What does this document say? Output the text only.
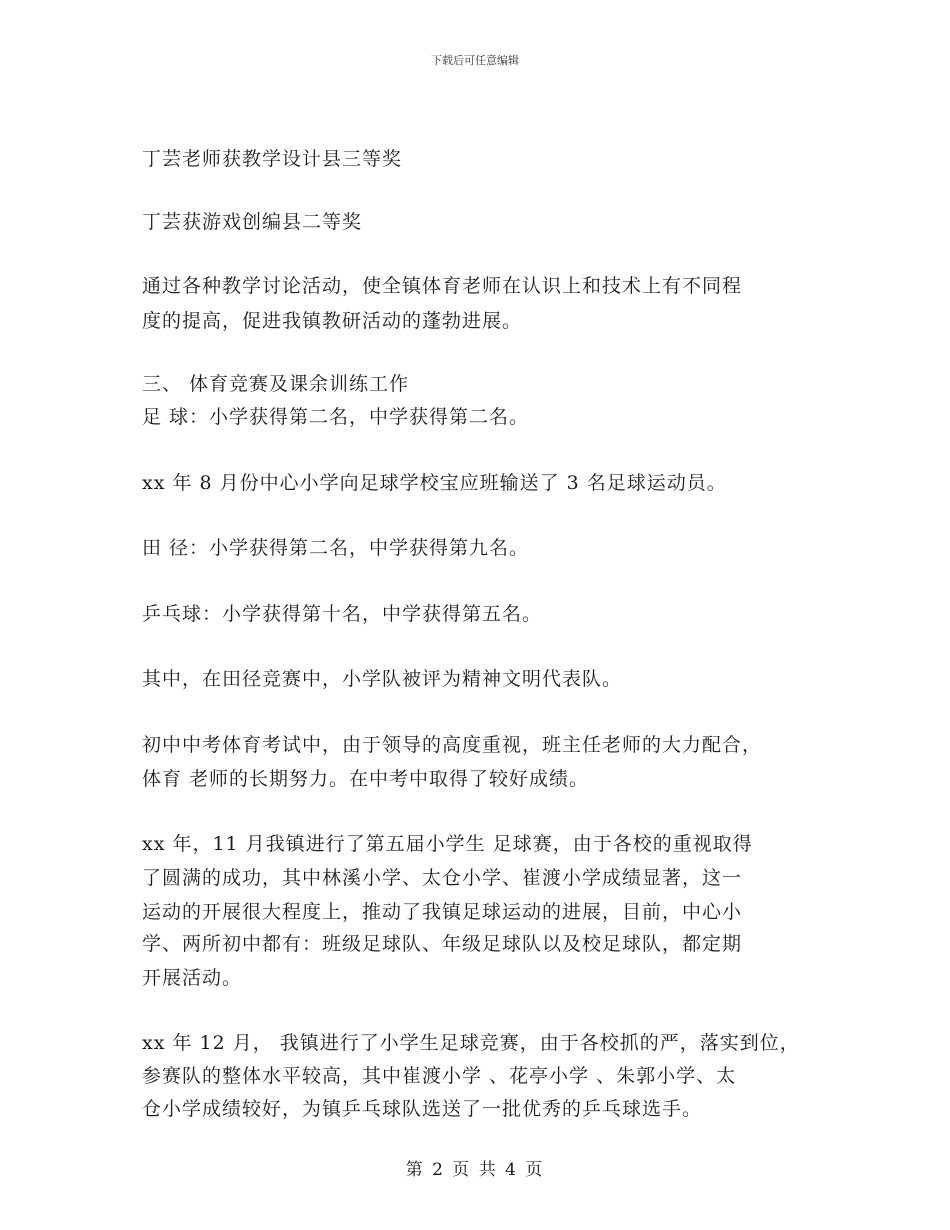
下载后可任意编辑
丁芸老师获教学设计县三等奖
丁芸获游戏创编县二等奖
通过各种教学讨论活动，使全镇体育老师在认识上和技术上有不同程
度的提高，促进我镇教研活动的蓬勃进展。
三、 体育竞赛及课余训练工作
足 球：小学获得第二名，中学获得第二名。
xx 年 8 月份中心小学向足球学校宝应班输送了 3 名足球运动员。
田 径：小学获得第二名，中学获得第九名。
乒乓球：小学获得第十名，中学获得第五名。
其中，在田径竞赛中，小学队被评为精神文明代表队。
初中中考体育考试中，由于领导的高度重视，班主任老师的大力配合，
体育 老师的长期努力。在中考中取得了较好成绩。
xx 年，11 月我镇进行了第五届小学生 足球赛，由于各校的重视取得
了圆满的成功，其中林溪小学、太仓小学、崔渡小学成绩显著，这一
运动的开展很大程度上，推动了我镇足球运动的进展，目前，中心小
学、两所初中都有：班级足球队、年级足球队以及校足球队，都定期
开展活动。
xx 年 12 月， 我镇进行了小学生足球竞赛，由于各校抓的严，落实到位，
参赛队的整体水平较高，其中崔渡小学 、花亭小学 、朱郭小学、太
仓小学成绩较好，为镇乒乓球队选送了一批优秀的乒乓球选手。
第 2 页 共 4 页
